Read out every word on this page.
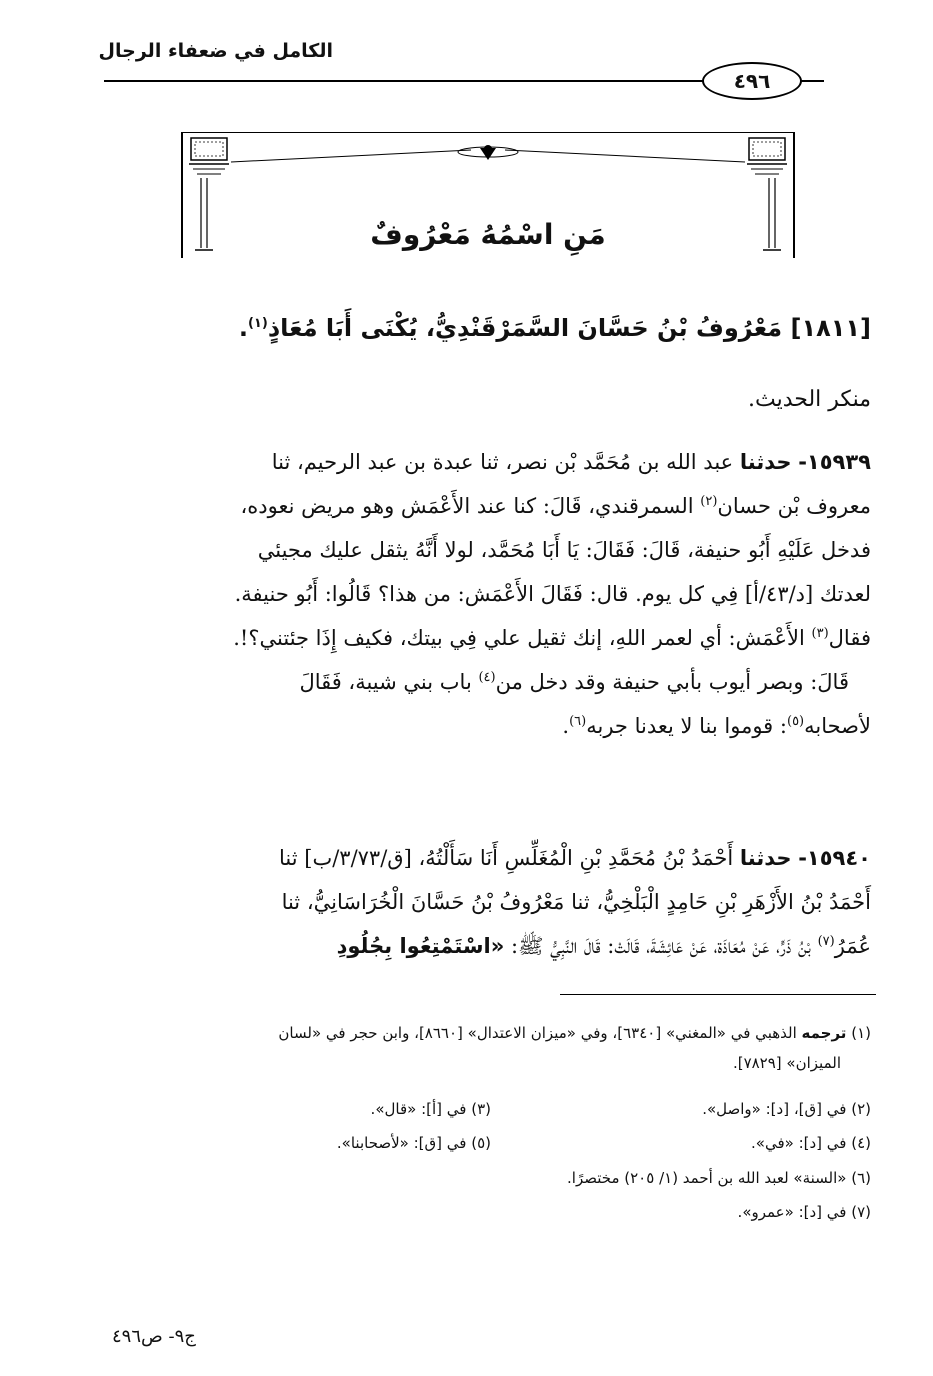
الكامل في ضعفاء الرجال
٤٩٦
مَنِ اسْمُهُ مَعْرُوفٌ
[١٨١١] مَعْرُوفُ بْنُ حَسَّانَ السَّمَرْقَنْدِيُّ، يُكْنَى أَبَا مُعَاذٍ$^{(١)}$.
منكر الحديث.
١٥٩٣٩- حدثنا عبد الله بن مُحَمَّد بْن نصر، ثنا عبدة بن عبد الرحيم، ثنا
معروف بْن حسان$^{(٢)}$ السمرقندي، قَالَ: كنا عند الأَعْمَش وهو مريض نعوده،
فدخل عَلَيْهِ أَبُو حنيفة، قَالَ: فَقَالَ: يَا أَبَا مُحَمَّد، لولا أَنَّهُ يثقل عليك مجيئي
لعدتك [د/٤٣/أ] فِي كل يوم. قال: فَقَالَ الأَعْمَش: من هذا؟ قَالُوا: أَبُو حنيفة.
فقال$^{(٣)}$ الأَعْمَش: أي لعمر اللهِ، إنك ثقيل علي فِي بيتك، فكيف إِذَا جئتني؟!.
قَالَ: وبصر أيوب بأبي حنيفة وقد دخل من$^{(٤)}$ باب بني شيبة، فَقَالَ
لأصحابه$^{(٥)}$: قوموا بنا لا يعدنا جربه$^{(٦)}$.
١٥٩٤٠- حدثنا أَحْمَدُ بْنُ مُحَمَّدِ بْنِ الْمُغَلِّسِ أَنَا سَأَلْتُهُ، [ق/٣/٧٣/ب] ثنا
أَحْمَدُ بْنُ الأَزْهَرِ بْنِ حَامِدٍ الْبَلْخِيُّ، ثنا مَعْرُوفُ بْنُ حَسَّانَ الْخُرَاسَانِيُّ، ثنا
عُمَرُ$^{(٧)}$ بْنُ ذَرٍّ، عَنْ مُعَاذَة، عَنْ عَائِشَةَ، قَالَتْ: قَالَ النَّبِيُّ ﷺ: «اسْتَمْتِعُوا بِجُلُودِ
(١) ترجمه الذهبي في «المغني» [٦٣٤٠]، وفي «ميزان الاعتدال» [٨٦٦٠]، وابن حجر في «لسان
الميزان» [٧٨٢٩].
(٢) في [ق]، [د]: «واصل».(٣) في [أ]: «قال».
(٤) في [د]: «في».(٥) في [ق]: «لأصحابنا».
(٦) «السنة» لعبد الله بن أحمد (١/ ٢٠٥) مختصرًا.
(٧) في [د]: «عمرو».
ج٩- ص٤٩٦
